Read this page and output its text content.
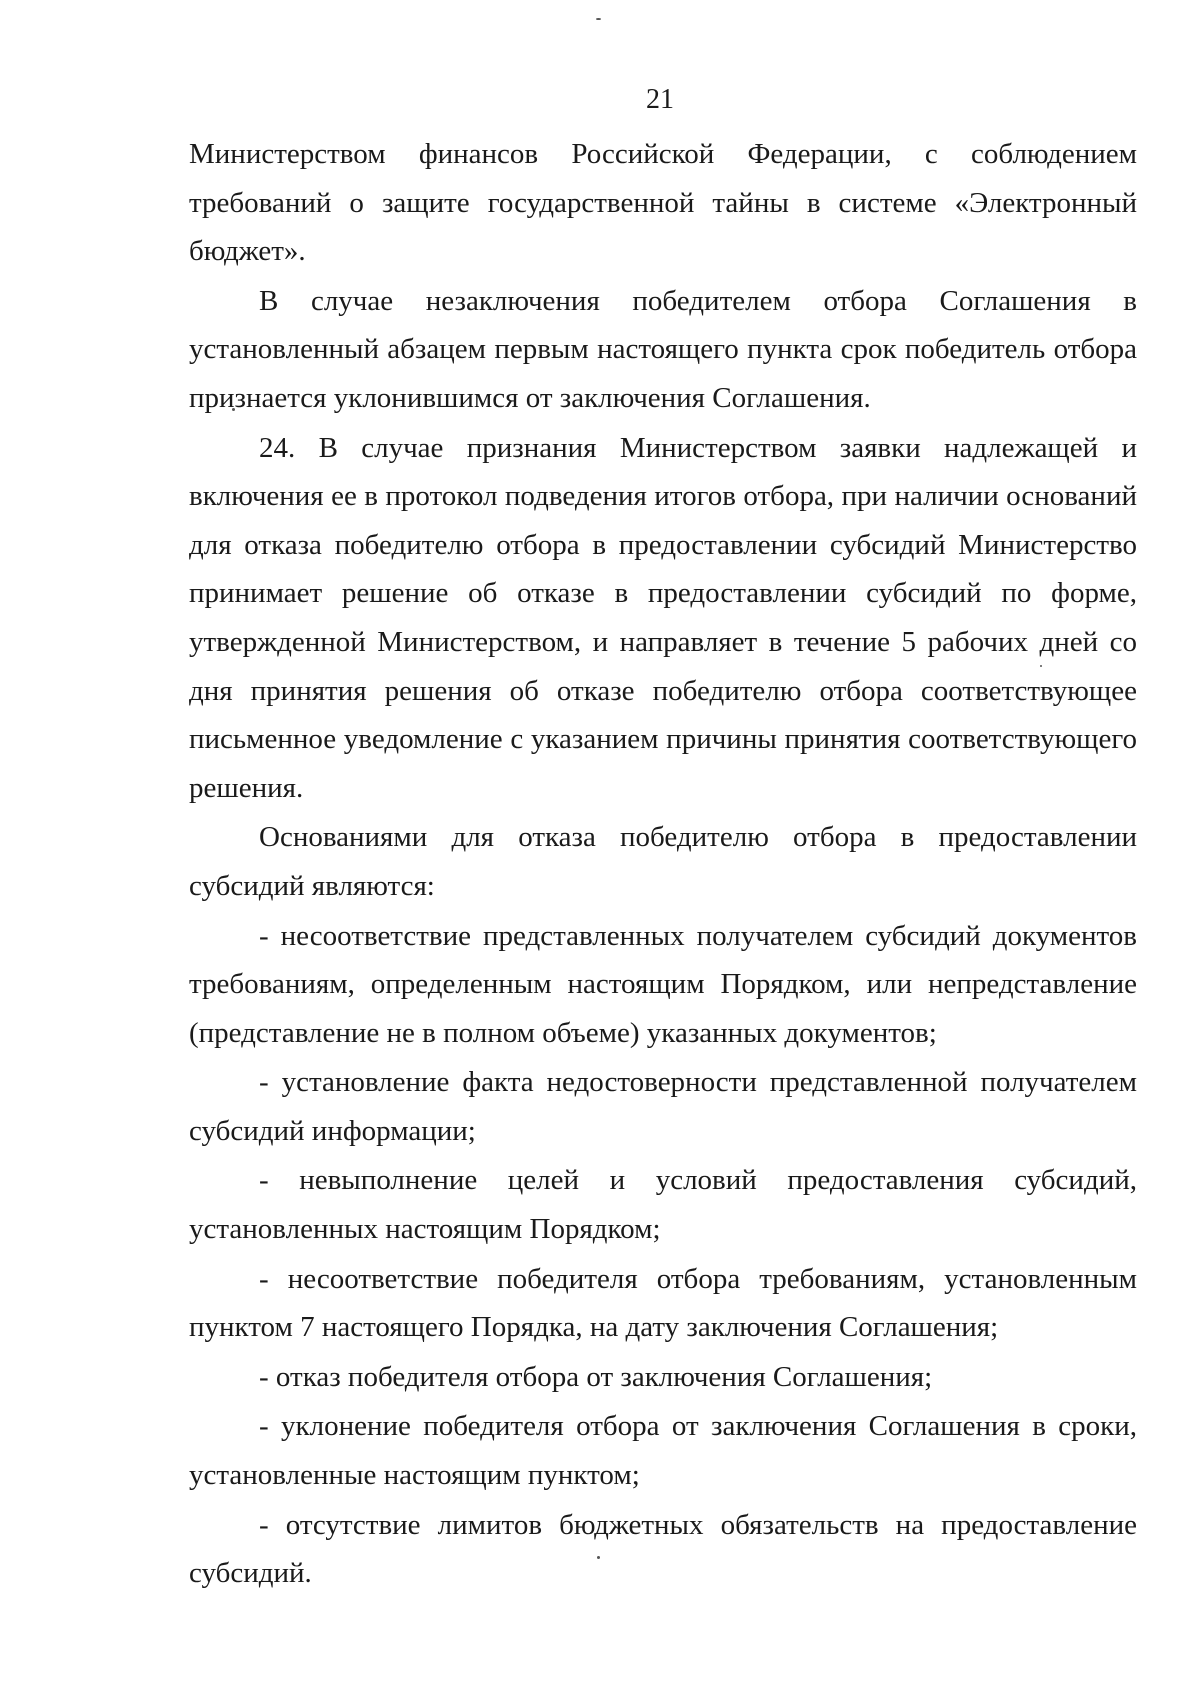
21

Министерством финансов Российской Федерации, с соблюдением требований о защите государственной тайны в системе «Электронный бюджет».

В случае незаключения победителем отбора Соглашения в установленный абзацем первым настоящего пункта срок победитель отбора признается уклонившимся от заключения Соглашения.

24. В случае признания Министерством заявки надлежащей и включения ее в протокол подведения итогов отбора, при наличии оснований для отказа победителю отбора в предоставлении субсидий Министерство принимает решение об отказе в предоставлении субсидий по форме, утвержденной Министерством, и направляет в течение 5 рабочих дней со дня принятия решения об отказе победителю отбора соответствующее письменное уведомление с указанием причины принятия соответствующего решения.

Основаниями для отказа победителю отбора в предоставлении субсидий являются:

- несоответствие представленных получателем субсидий документов требованиям, определенным настоящим Порядком, или непредставление (представление не в полном объеме) указанных документов;

- установление факта недостоверности представленной получателем субсидий информации;

- невыполнение целей и условий предоставления субсидий, установленных настоящим Порядком;

- несоответствие победителя отбора требованиям, установленным пунктом 7 настоящего Порядка, на дату заключения Соглашения;

- отказ победителя отбора от заключения Соглашения;

- уклонение победителя отбора от заключения Соглашения в сроки, установленные настоящим пунктом;

- отсутствие лимитов бюджетных обязательств на предоставление субсидий.
